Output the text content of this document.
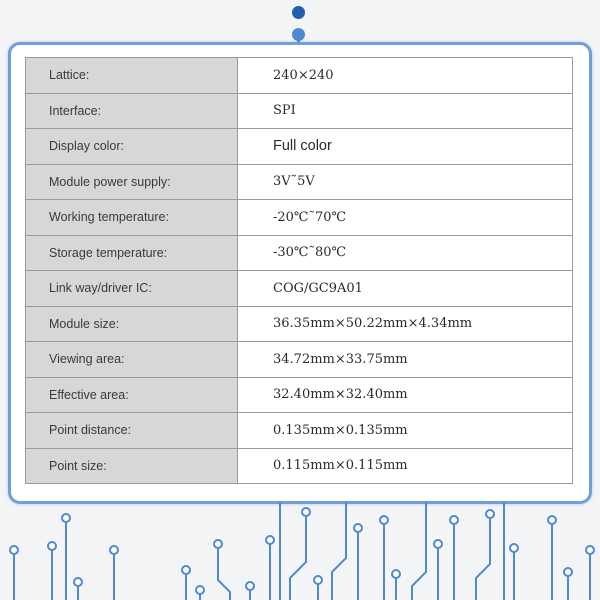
Lattice:	240×240
Interface:	SPI
Display color:	Full color
Module power supply:	3V˜5V
Working temperature:	-20℃˜70℃
Storage temperature:	-30℃˜80℃
Link way/driver IC:	COG/GC9A01
Module size:	36.35mm×50.22mm×4.34mm
Viewing area:	34.72mm×33.75mm
Effective area:	32.40mm×32.40mm
Point distance:	0.135mm×0.135mm
Point size:	0.115mm×0.115mm
